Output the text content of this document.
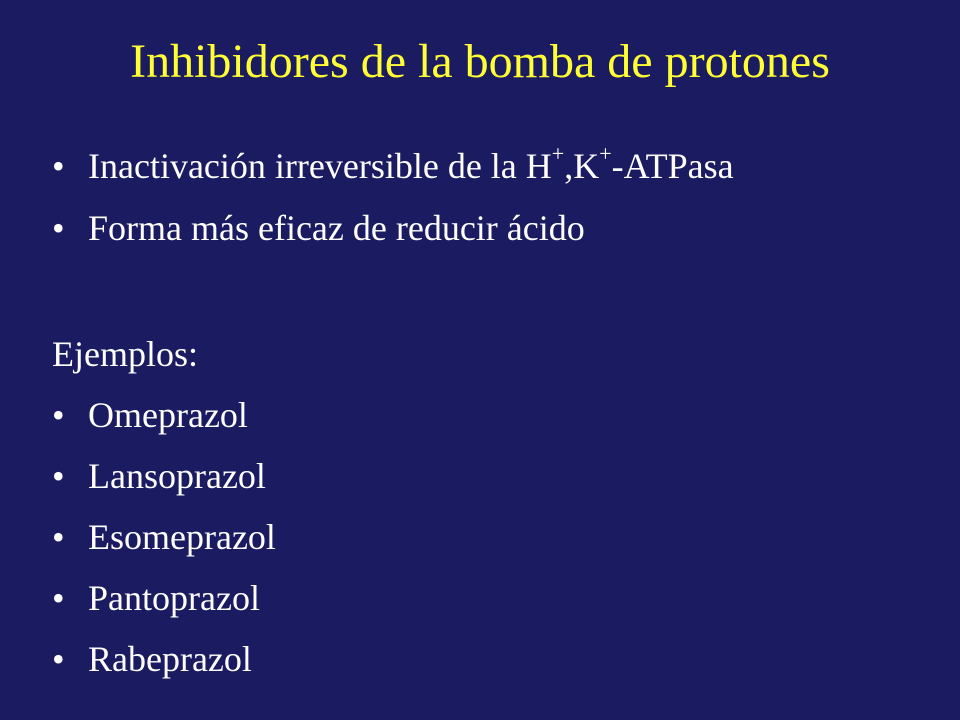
Inhibidores de la bomba de protones
• Inactivación irreversible de la H+,K+-ATPasa
• Forma más eficaz de reducir ácido
Ejemplos:
• Omeprazol
• Lansoprazol
• Esomeprazol
• Pantoprazol
• Rabeprazol
